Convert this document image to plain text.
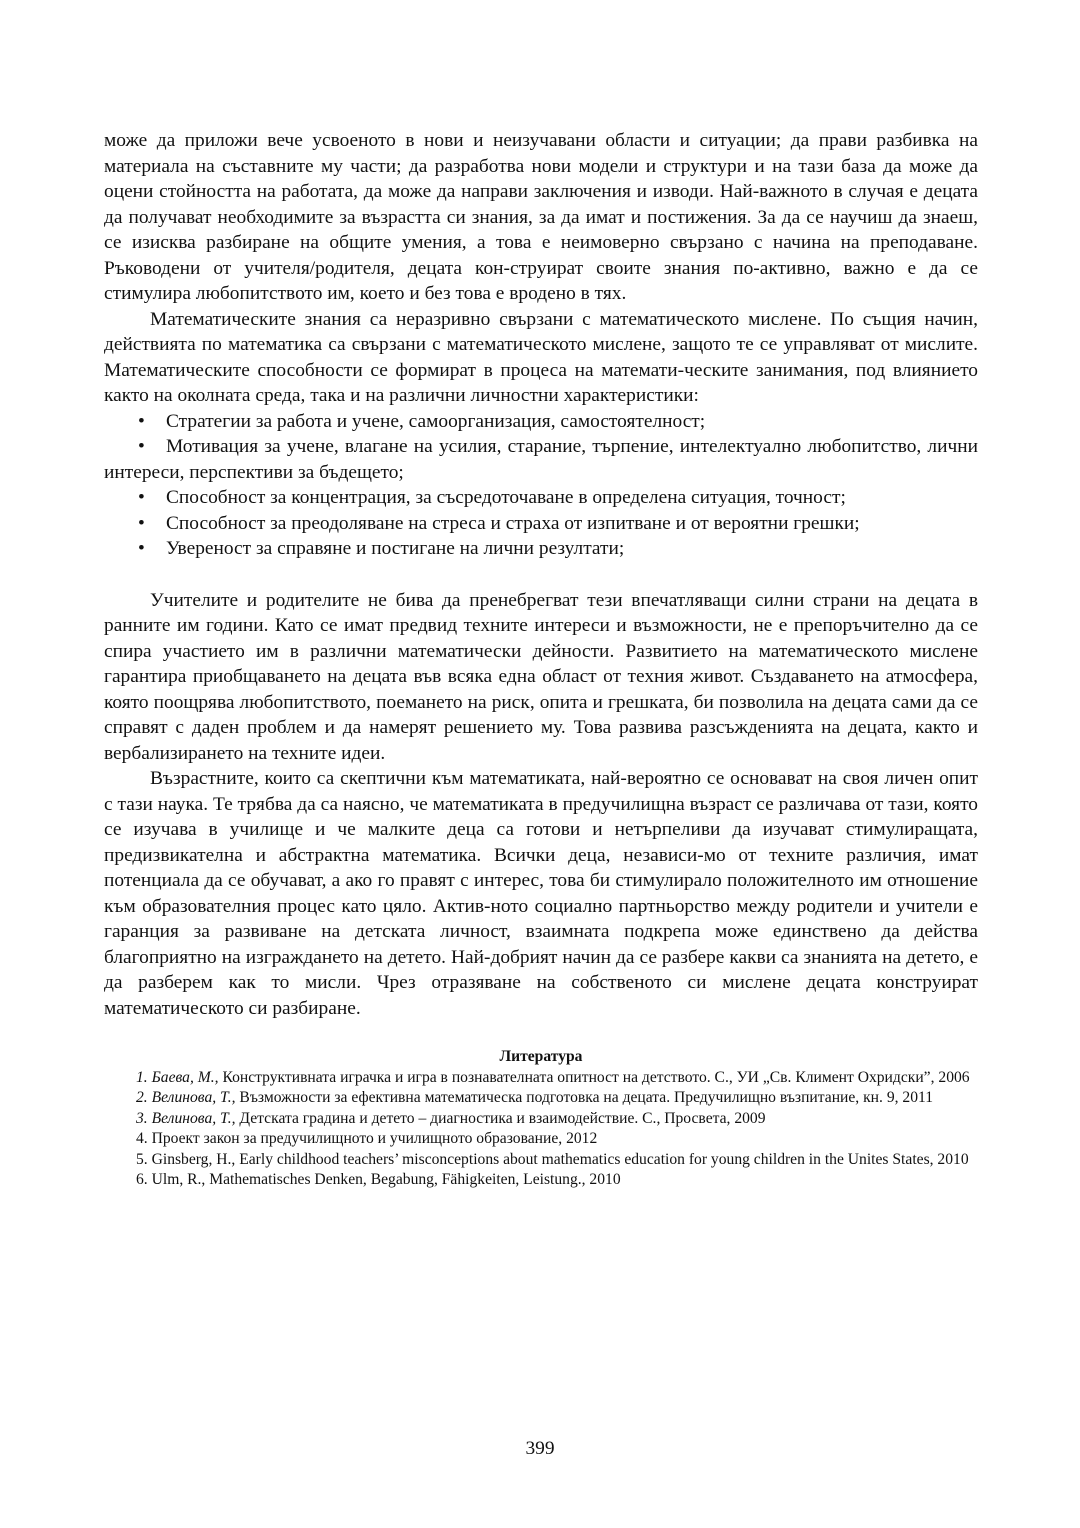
може да приложи вече усвоеното в нови и неизучавани области и ситуации; да прави разбивка на материала на съставните му части; да разработва нови модели и структури и на тази база да може да оцени стойността на работата, да може да направи заключения и изводи. Най-важното в случая е децата да получават необходимите за възрастта си знания, за да имат и постижения. За да се научиш да знаеш, се изисква разбиране на общите умения, а това е неимоверно свързано с начина на преподаване. Ръководени от учителя/родителя, децата кон-струират своите знания по-активно, важно е да се стимулира любопитството им, което и без това е вродено в тях.

Математическите знания са неразривно свързани с математическото мислене. По същия начин, действията по математика са свързани с математическото мислене, защото те се управляват от мислите. Математическите способности се формират в процеса на математи-ческите занимания, под влиянието както на околната среда, така и на различни личностни характеристики:

• Стратегии за работа и учене, самоорганизация, самостоятелност;
• Мотивация за учене, влагане на усилия, старание, търпение, интелектуално любопитство, лични интереси, перспективи за бъдещето;
• Способност за концентрация, за съсредоточаване в определена ситуация, точност;
• Способност за преодоляване на стреса и страха от изпитване и от вероятни грешки;
• Увереност за справяне и постигане на лични резултати;

Учителите и родителите не бива да пренебрегват тези впечатляващи силни страни на децата в ранните им години. Като се имат предвид техните интереси и възможности, не е препоръчително да се спира участието им в различни математически дейности. Развитието на математическото мислене гарантира приобщаването на децата във всяка една област от техния живот. Създаването на атмосфера, която поощрява любопитството, поемането на риск, опита и грешката, би позволила на децата сами да се справят с даден проблем и да намерят решението му. Това развива разсъжденията на децата, както и вербализирането на техните идеи.

Възрастните, които са скептични към математиката, най-вероятно се основават на своя личен опит с тази наука. Те трябва да са наясно, че математиката в предучилищна възраст се различава от тази, която се изучава в училище и че малките деца са готови и нетърпеливи да изучават стимулиращата, предизвикателна и абстрактна математика. Всички деца, независи-мо от техните различия, имат потенциала да се обучават, а ако го правят с интерес, това би стимулирало положителното им отношение към образователния процес като цяло. Актив-ното социално партньорство между родители и учители е гаранция за развиване на детската личност, взаимната подкрепа може единствено да действа благоприятно на изграждането на детето. Най-добрият начин да се разбере какви са знанията на детето, е да разберем как то мисли. Чрез отразяване на собственото си мислене децата конструират математическото си разбиране.

Литература

1. Баева, М., Конструктивната играчка и игра в познавателната опитност на детството. С., УИ „Св. Климент Охридски”, 2006

2. Велинова, Т., Възможности за ефективна математическа подготовка на децата. Предучилищно възпитание, кн. 9, 2011

3. Велинова, Т., Детската градина и детето – диагностика и взаимодействие. С., Просвета, 2009

4. Проект закон за предучилищното и училищното образование, 2012

5. Ginsberg, H., Early childhood teachers’ misconceptions about mathematics education for young children in the Unites States, 2010

6. Ulm, R., Mathematisches Denken, Begabung, Fähigkeiten, Leistung., 2010

399
